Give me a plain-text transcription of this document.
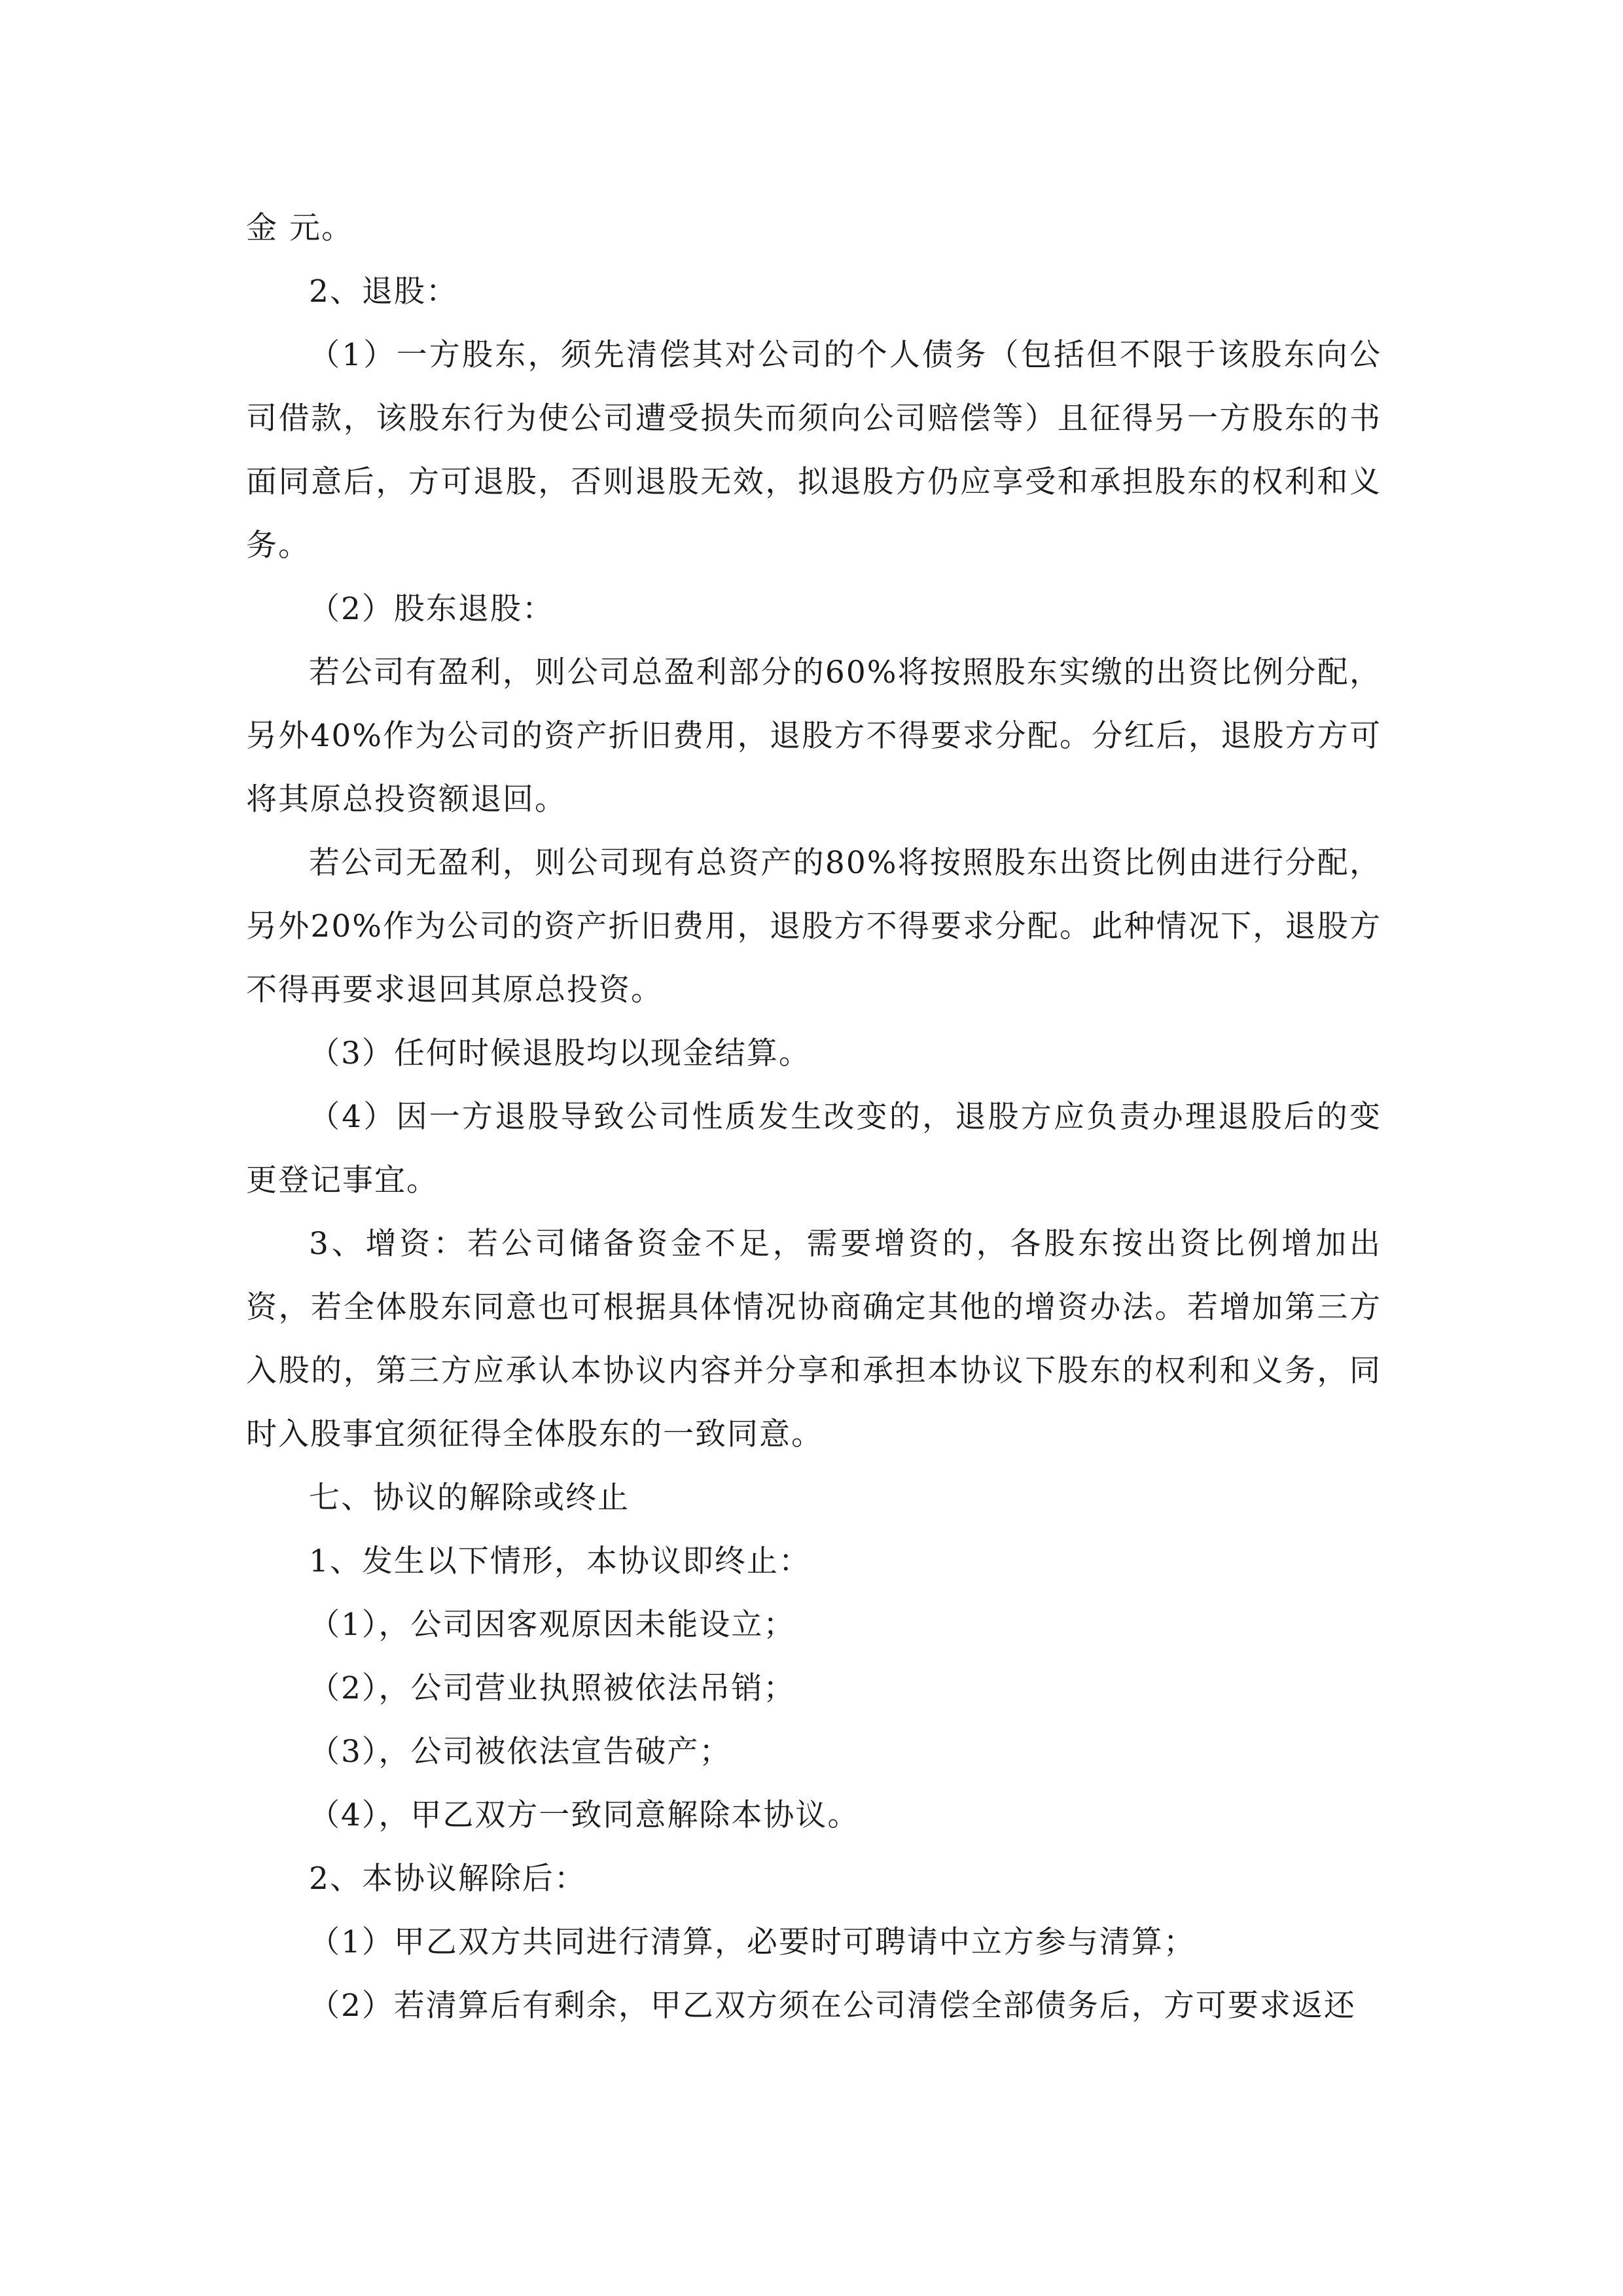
金 元。

2、退股：

（1）一方股东，须先清偿其对公司的个人债务（包括但不限于该股东向公司借款，该股东行为使公司遭受损失而须向公司赔偿等）且征得另一方股东的书面同意后，方可退股，否则退股无效，拟退股方仍应享受和承担股东的权利和义务。

（2）股东退股：

若公司有盈利，则公司总盈利部分的60%将按照股东实缴的出资比例分配，另外40%作为公司的资产折旧费用，退股方不得要求分配。分红后，退股方方可将其原总投资额退回。

若公司无盈利，则公司现有总资产的80%将按照股东出资比例由进行分配，另外20%作为公司的资产折旧费用，退股方不得要求分配。此种情况下，退股方不得再要求退回其原总投资。

（3）任何时候退股均以现金结算。

（4）因一方退股导致公司性质发生改变的，退股方应负责办理退股后的变更登记事宜。

3、增资：若公司储备资金不足，需要增资的，各股东按出资比例增加出资，若全体股东同意也可根据具体情况协商确定其他的增资办法。若增加第三方入股的，第三方应承认本协议内容并分享和承担本协议下股东的权利和义务，同时入股事宜须征得全体股东的一致同意。

七、协议的解除或终止

1、发生以下情形，本协议即终止：

（1），公司因客观原因未能设立；

（2），公司营业执照被依法吊销；

（3），公司被依法宣告破产；

（4），甲乙双方一致同意解除本协议。

2、本协议解除后：

（1）甲乙双方共同进行清算，必要时可聘请中立方参与清算；

（2）若清算后有剩余，甲乙双方须在公司清偿全部债务后，方可要求返还
